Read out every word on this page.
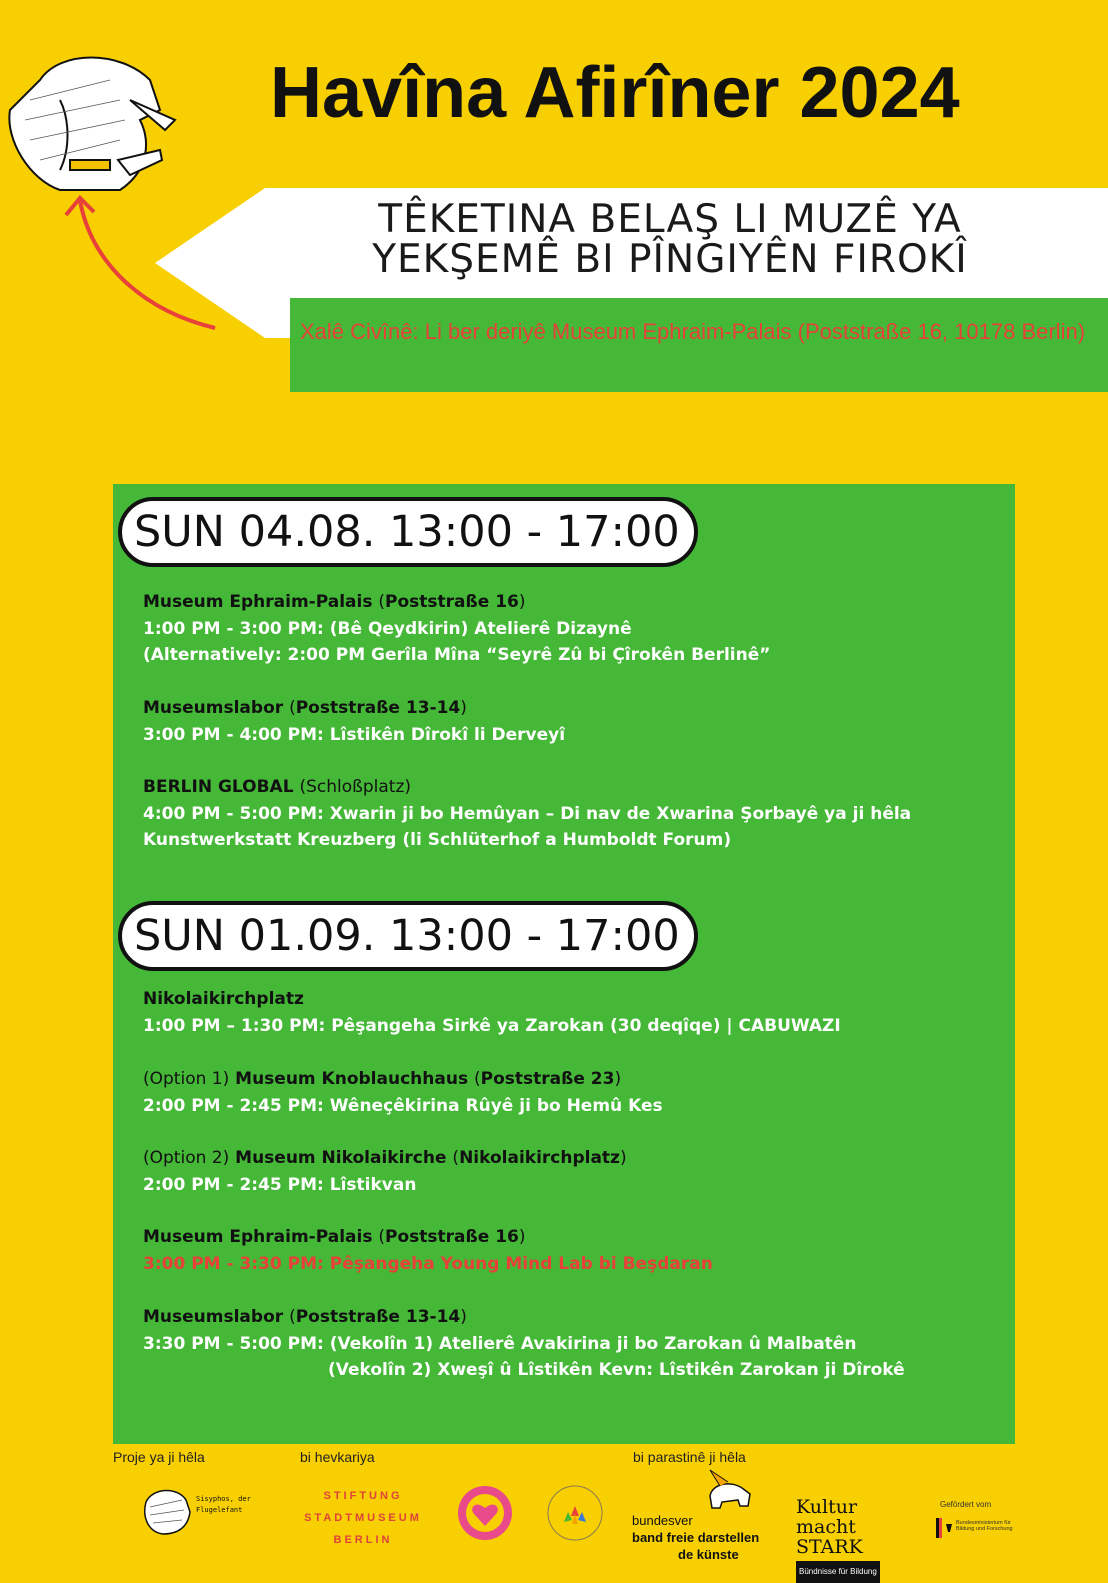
Havîna Afirîner 2024
TÊKETINA BELAŞ LI MUZÊ YA
YEKŞEMÊ BI PÎNGIYÊN FIROKÎ
Xalê Civînê: Li ber deriyê Museum Ephraim-Palais (Poststraße 16, 10178 Berlin)
SUN 04.08. 13:00 - 17:00
Museum Ephraim-Palais (Poststraße 16)
1:00 PM - 3:00 PM: (Bê Qeydkirin) Atelierê Dizaynê
(Alternatively: 2:00 PM Gerîla Mîna “Seyrê Zû bi Çîrokên Berlinê”
Museumslabor (Poststraße 13-14)
3:00 PM - 4:00 PM: Lîstikên Dîrokî li Derveyî
BERLIN GLOBAL (Schloßplatz)
4:00 PM - 5:00 PM: Xwarin ji bo Hemûyan – Di nav de Xwarina Şorbayê ya ji hêla
Kunstwerkstatt Kreuzberg (li Schlüterhof a Humboldt Forum)
SUN 01.09. 13:00 - 17:00
Nikolaikirchplatz
1:00 PM – 1:30 PM: Pêşangeha Sirkê ya Zarokan (30 deqîqe) | CABUWAZI
(Option 1) Museum Knoblauchhaus (Poststraße 23)
2:00 PM - 2:45 PM: Wêneçêkirina Rûyê ji bo Hemû Kes
(Option 2) Museum Nikolaikirche (Nikolaikirchplatz)
2:00 PM - 2:45 PM: Lîstikvan
Museum Ephraim-Palais (Poststraße 16)
3:00 PM - 3:30 PM: Pêşangeha Young Mind Lab bi Beşdaran
Museumslabor (Poststraße 13-14)
3:30 PM - 5:00 PM: (Vekolîn 1) Atelierê Avakirina ji bo Zarokan û Malbatên
(Vekolîn 2) Xweşî û Lîstikên Kevn: Lîstikên Zarokan ji Dîrokê
Proje ya ji hêla	bi hevkariya	bi parastinê ji hêla
Sisyphos, der Flugelefant
STIFTUNG
STADTMUSEUM
BERLIN
bundesver
band freie darstellen
de künste
Kultur
macht STARK
Bündnisse für Bildung
Gefördert vom
Bundesministerium für Bildung und Forschung
